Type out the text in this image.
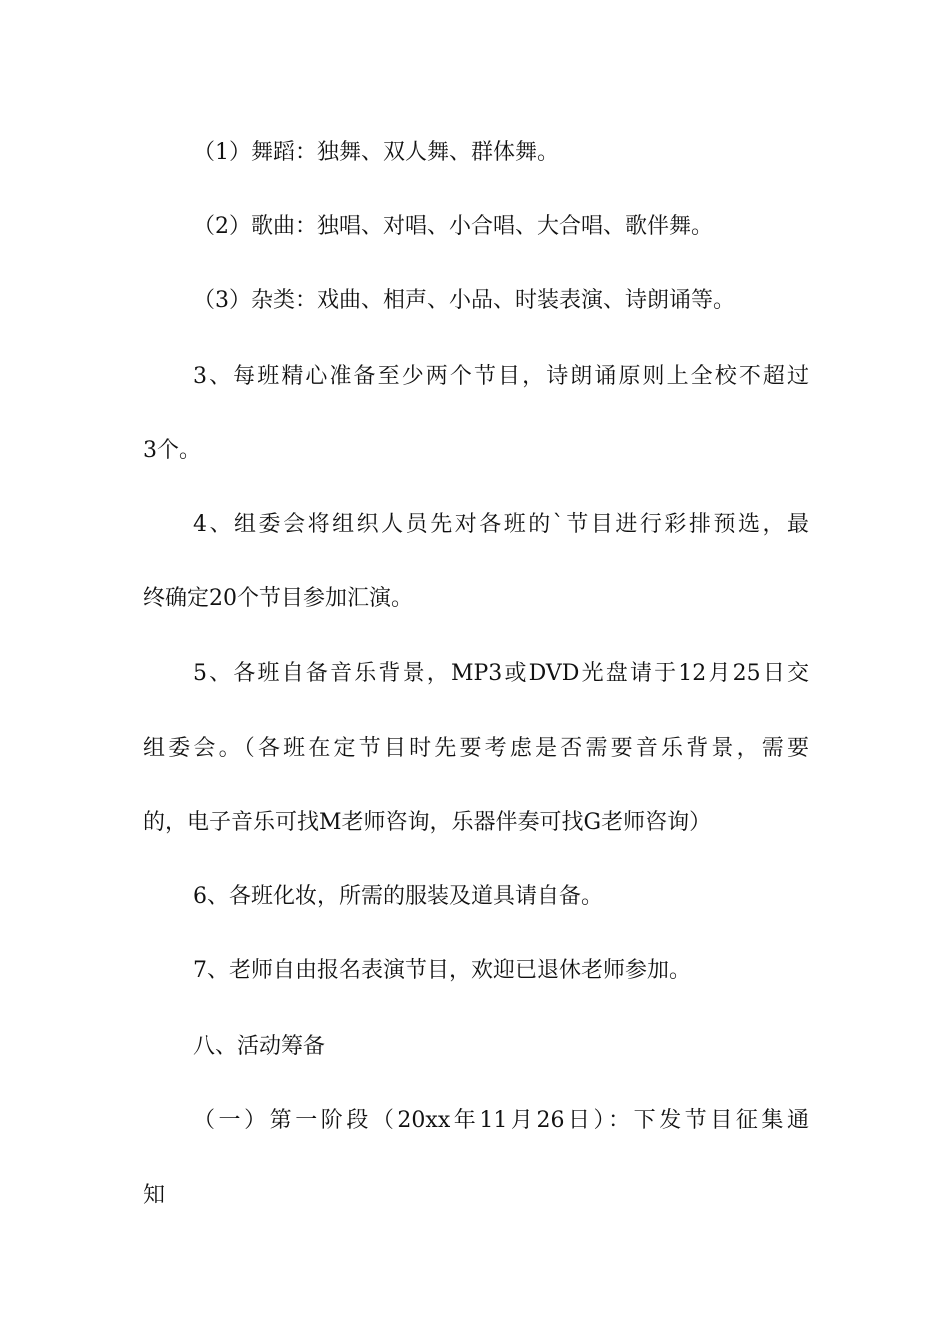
（1）舞蹈：独舞、双人舞、群体舞。
（2）歌曲：独唱、对唱、小合唱、大合唱、歌伴舞。
（3）杂类：戏曲、相声、小品、时装表演、诗朗诵等。
3、每班精心准备至少两个节目，诗朗诵原则上全校不超过
3个。
4、组委会将组织人员先对各班的`节目进行彩排预选，最
终确定20个节目参加汇演。
5、各班自备音乐背景，MP3或DVD光盘请于12月25日交
组委会。（各班在定节目时先要考虑是否需要音乐背景，需要
的，电子音乐可找M老师咨询，乐器伴奏可找G老师咨询）
6、各班化妆，所需的服装及道具请自备。
7、老师自由报名表演节目，欢迎已退休老师参加。
八、活动筹备
（一）第一阶段（20xx年11月26日）：下发节目征集通
知
